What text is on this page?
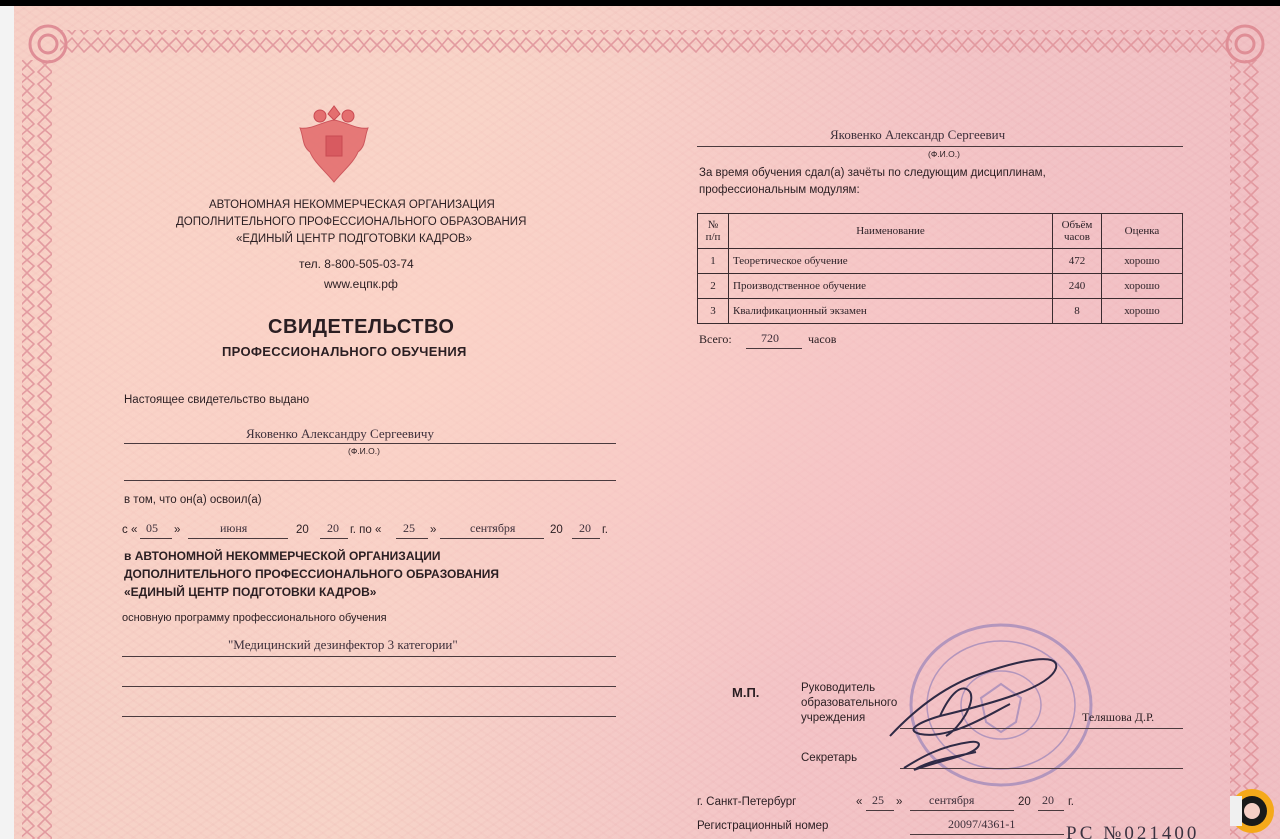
АВТОНОМНАЯ НЕКОММЕРЧЕСКАЯ ОРГАНИЗАЦИЯ
ДОПОЛНИТЕЛЬНОГО ПРОФЕССИОНАЛЬНОГО ОБРАЗОВАНИЯ
«ЕДИНЫЙ ЦЕНТР ПОДГОТОВКИ КАДРОВ»
тел. 8-800-505-03-74
www.ецпк.рф
СВИДЕТЕЛЬСТВО
ПРОФЕССИОНАЛЬНОГО ОБУЧЕНИЯ
Настоящее свидетельство выдано
Яковенко Александру Сергеевичу
(Ф.И.О.)
в том, что он(а) освоил(а)
с « 05 »	июня	20 20 г. по « 25 »	сентября	20 20 г.
в АВТОНОМНОЙ НЕКОММЕРЧЕСКОЙ ОРГАНИЗАЦИИ
ДОПОЛНИТЕЛЬНОГО ПРОФЕССИОНАЛЬНОГО ОБРАЗОВАНИЯ
«ЕДИНЫЙ ЦЕНТР ПОДГОТОВКИ КАДРОВ»
основную программу профессионального обучения
"Медицинский дезинфектор 3 категории"
Яковенко Александр Сергеевич
(Ф.И.О.)
За время обучения сдал(а) зачёты по следующим дисциплинам,
профессиональным модулям:
№ п/п	Наименование	Объём часов	Оценка
1	Теоретическое обучение	472	хорошо
2	Производственное обучение	240	хорошо
3	Квалификационный экзамен	8	хорошо
Всего: 720 часов
М.П.	Руководитель
образовательного
учреждения	Теляшова Д.Р.
Секретарь
г. Санкт-Петербург	« 25 » сентября	20 20 г.
Регистрационный номер	20097/4361-1	РС №021400
